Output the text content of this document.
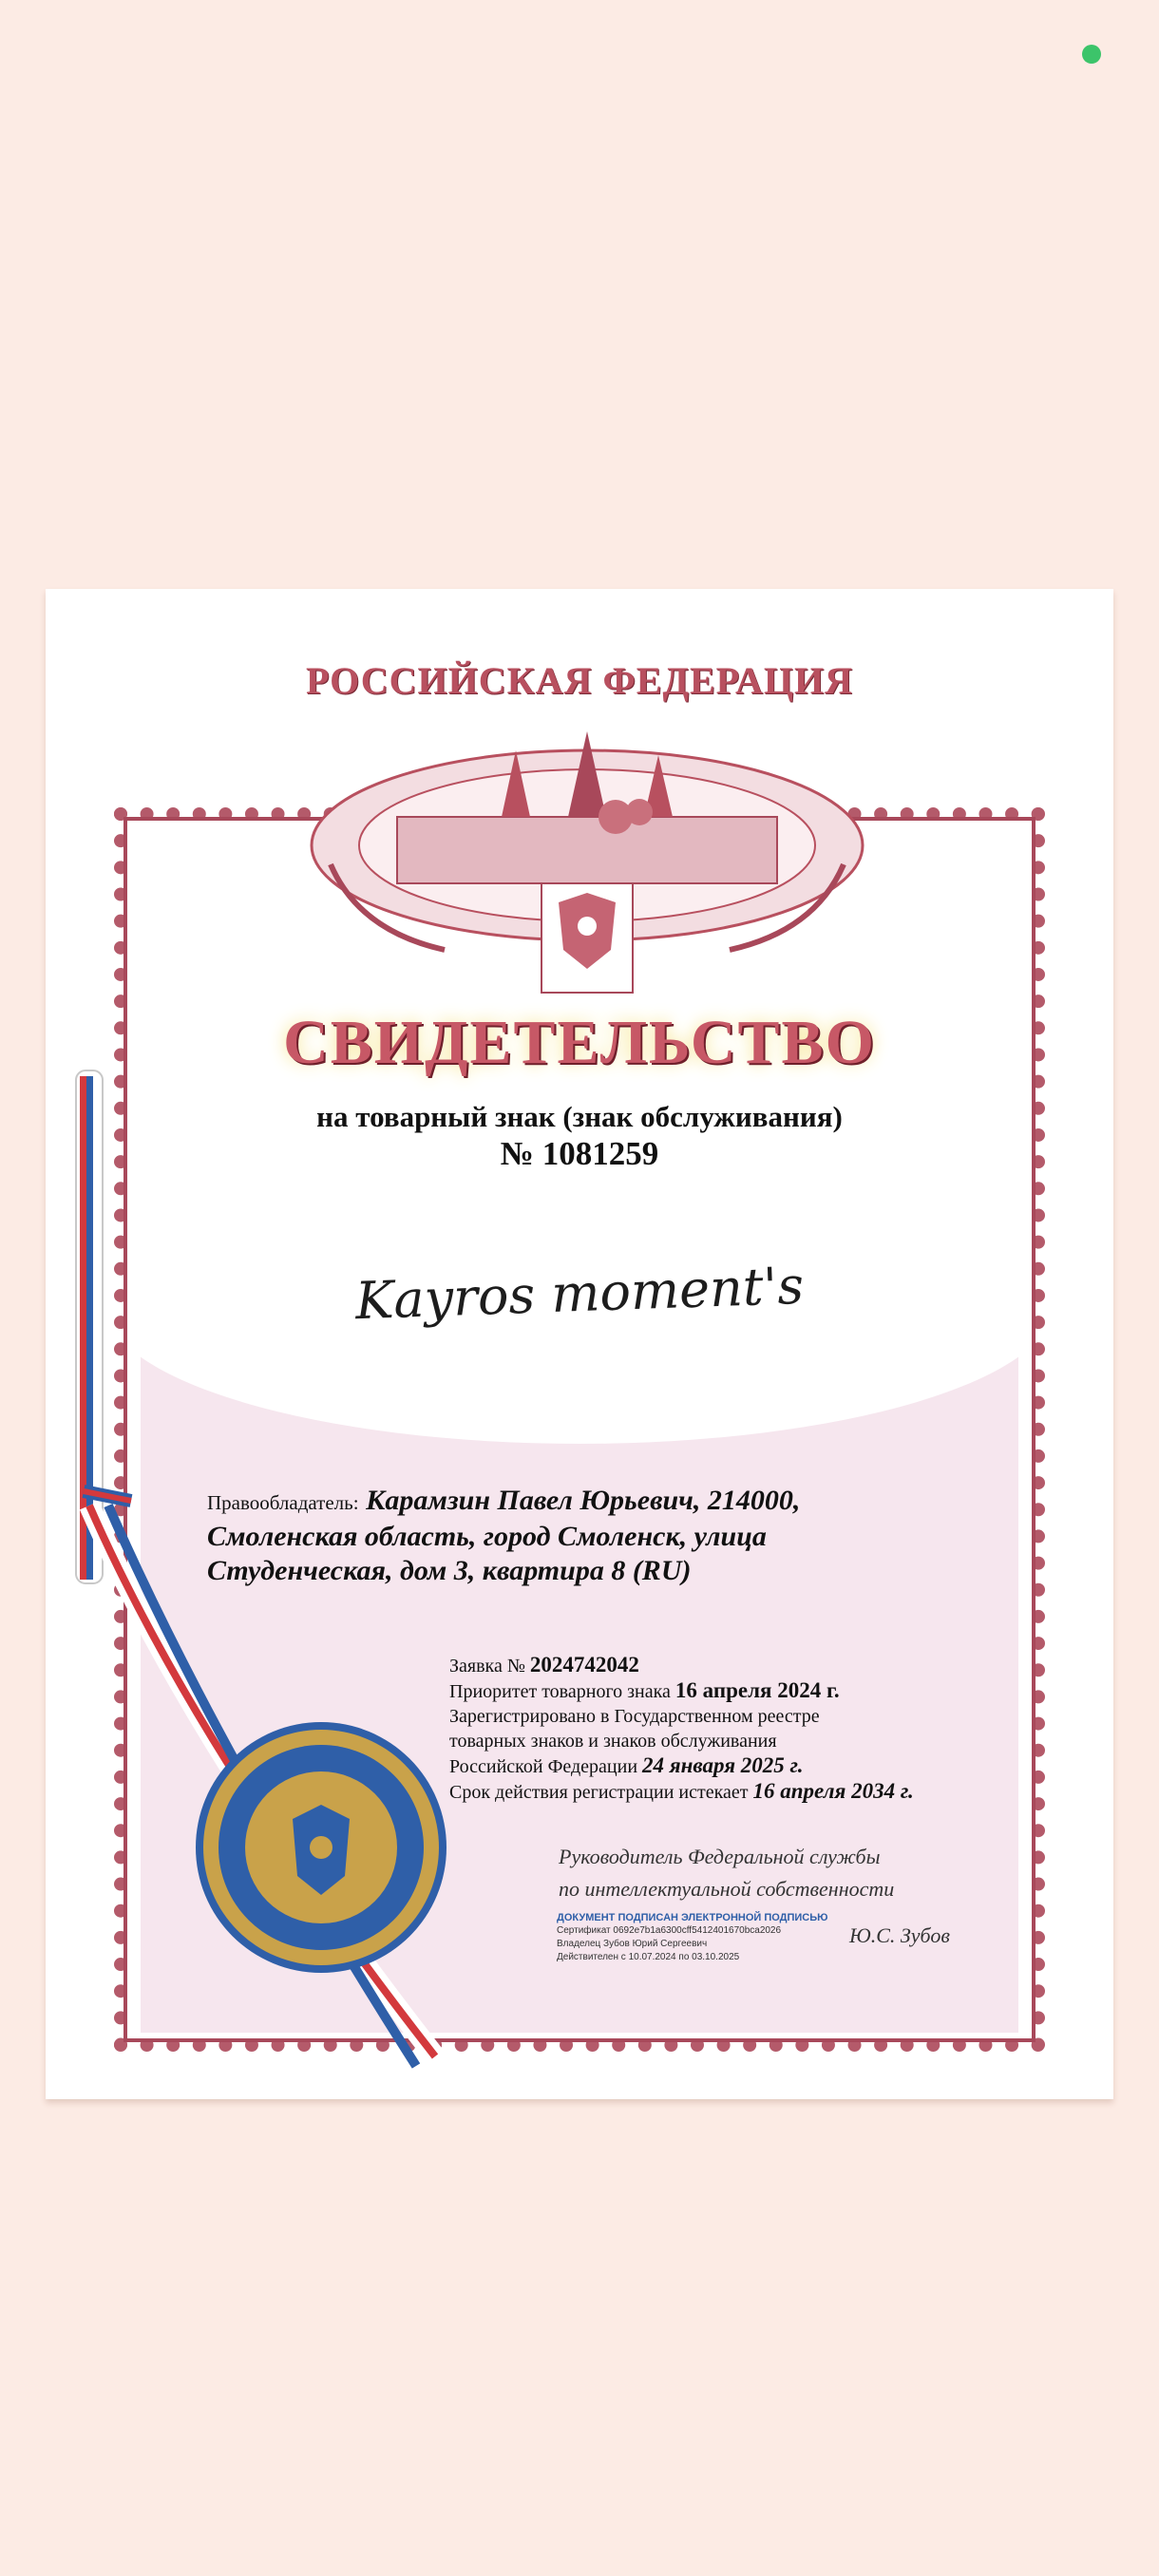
РОССИЙСКАЯ ФЕДЕРАЦИЯ
СВИДЕТЕЛЬСТВО
на товарный знак (знак обслуживания)
№ 1081259
Kayros moment's
Правообладатель: Карамзин Павел Юрьевич, 214000,
Смоленская область, город Смоленск, улица
Студенческая, дом 3, квартира 8 (RU)
Заявка № 2024742042
Приоритет товарного знака 16 апреля 2024 г.
Зарегистрировано в Государственном реестре
товарных знаков и знаков обслуживания
Российской Федерации 24 января 2025 г.
Срок действия регистрации истекает 16 апреля 2034 г.
Руководитель Федеральной службы
по интеллектуальной собственности
ДОКУМЕНТ ПОДПИСАН ЭЛЕКТРОННОЙ ПОДПИСЬЮ
Сертификат 0692e7b1a6300cff5412401670bca2026
Владелец Зубов Юрий Сергеевич
Действителен с 10.07.2024 по 03.10.2025
Ю.С. Зубов
